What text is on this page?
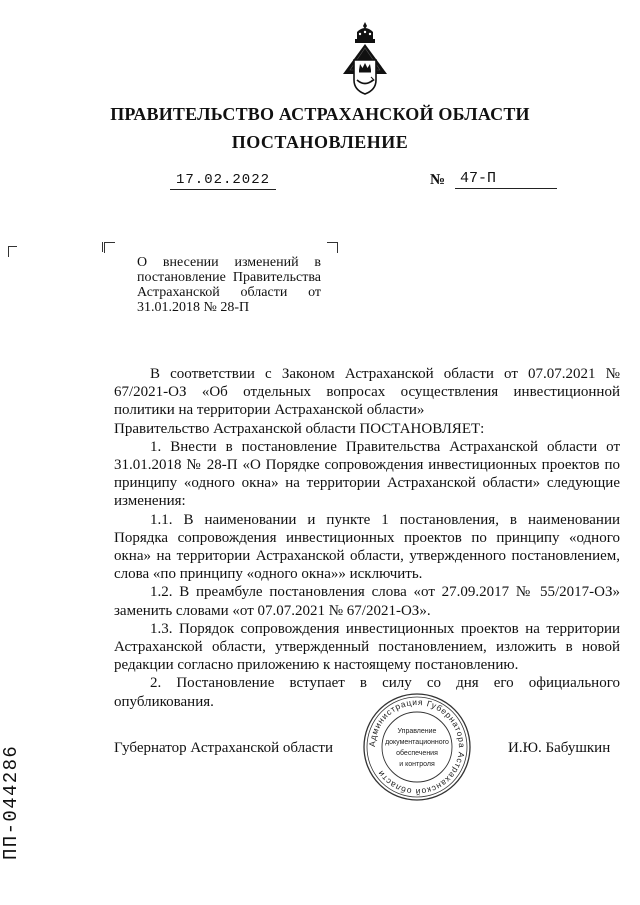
ПРАВИТЕЛЬСТВО АСТРАХАНСКОЙ ОБЛАСТИ
ПОСТАНОВЛЕНИЕ
17.02.2022	№ 47-П
О внесении изменений в постановление Правительства Астраханской области от 31.01.2018 № 28-П

В соответствии с Законом Астраханской области от 07.07.2021 № 67/2021-ОЗ «Об отдельных вопросах осуществления инвестиционной политики на территории Астраханской области»

Правительство Астраханской области ПОСТАНОВЛЯЕТ:

1. Внести в постановление Правительства Астраханской области от 31.01.2018 № 28-П «О Порядке сопровождения инвестиционных проектов по принципу «одного окна» на территории Астраханской области» следующие изменения:

1.1. В наименовании и пункте 1 постановления, в наименовании Порядка сопровождения инвестиционных проектов по принципу «одного окна» на территории Астраханской области, утвержденного постановлением, слова «по принципу «одного окна»» исключить.

1.2. В преамбуле постановления слова «от 27.09.2017 № 55/2017-ОЗ» заменить словами «от 07.07.2021 № 67/2021-ОЗ».

1.3. Порядок сопровождения инвестиционных проектов на территории Астраханской области, утвержденный постановлением, изложить в новой редакции согласно приложению к настоящему постановлению.

2. Постановление вступает в силу со дня его официального опубликования.

Губернатор Астраханской области	И.Ю. Бабушкин
Администрация Губернатора Астраханской области
Управление
документационного
обеспечения
и контроля
ПП-044286
